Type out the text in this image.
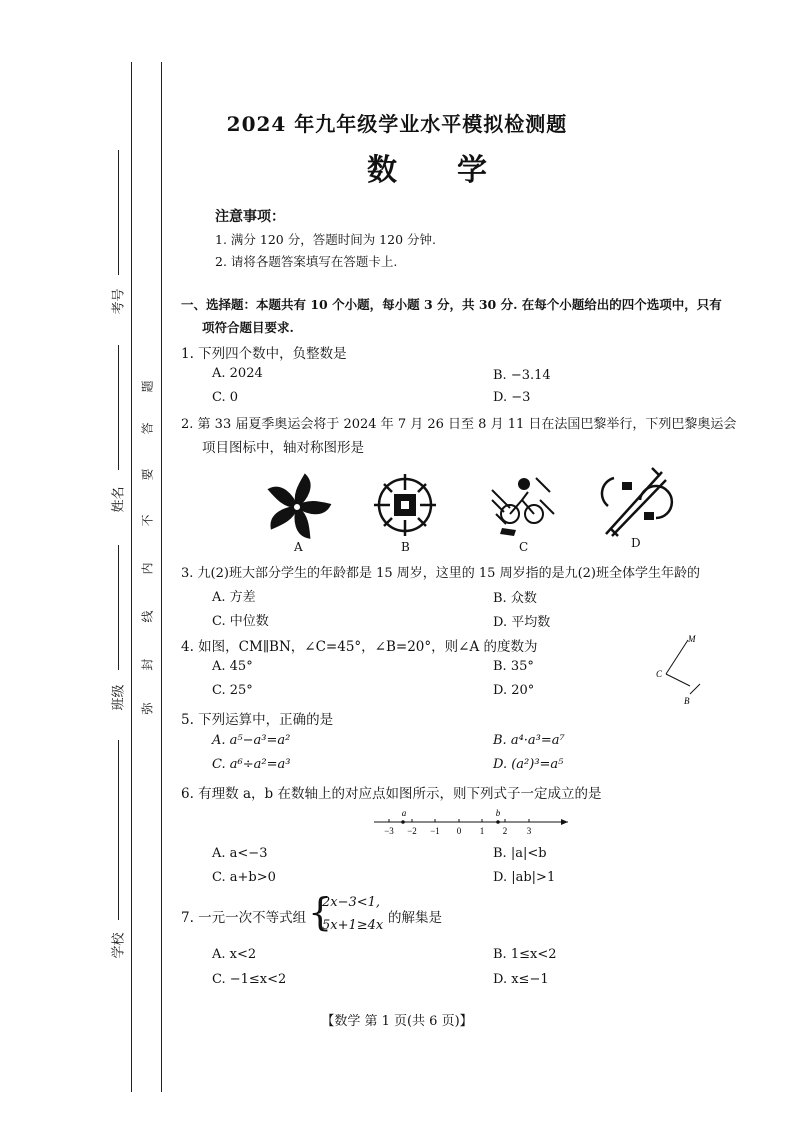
考号
姓名
班级
学校
题
答
要
不
内
线
封
弥
2024 年九年级学业水平模拟检测题
数学
注意事项：
1. 满分 120 分，答题时间为 120 分钟.
2. 请将各题答案填写在答题卡上.
一、选择题：本题共有 10 个小题，每小题 3 分，共 30 分. 在每个小题给出的四个选项中，只有
项符合题目要求.
1. 下列四个数中，负整数是
A. 2024	B. −3.14
C. 0	D. −3
2. 第 33 届夏季奥运会将于 2024 年 7 月 26 日至 8 月 11 日在法国巴黎举行，下列巴黎奥运会
项目图标中，轴对称图形是
A	B	C	D
3. 九(2)班大部分学生的年龄都是 15 周岁，这里的 15 周岁指的是九(2)班全体学生年龄的
A. 方差	B. 众数
C. 中位数	D. 平均数
4. 如图，CM∥BN，∠C=45°，∠B=20°，则∠A 的度数为
A. 45°	B. 35°
C. 25°	D. 20°
M
C
B
5. 下列运算中，正确的是
A. a⁵−a³=a²	B. a⁴·a³=a⁷
C. a⁶÷a²=a³	D. (a²)³=a⁵
6. 有理数 a，b 在数轴上的对应点如图所示，则下列式子一定成立的是
−3 −2 −1 0 1 2 3
a	b
A. a<−3	B. |a|<b
C. a+b>0	D. |ab|>1
7. 一元一次不等式组 {
2x−3<1,
5x+1≥4x 的解集是
A. x<2	B. 1≤x<2
C. −1≤x<2	D. x≤−1
【数学 第 1 页(共 6 页)】
